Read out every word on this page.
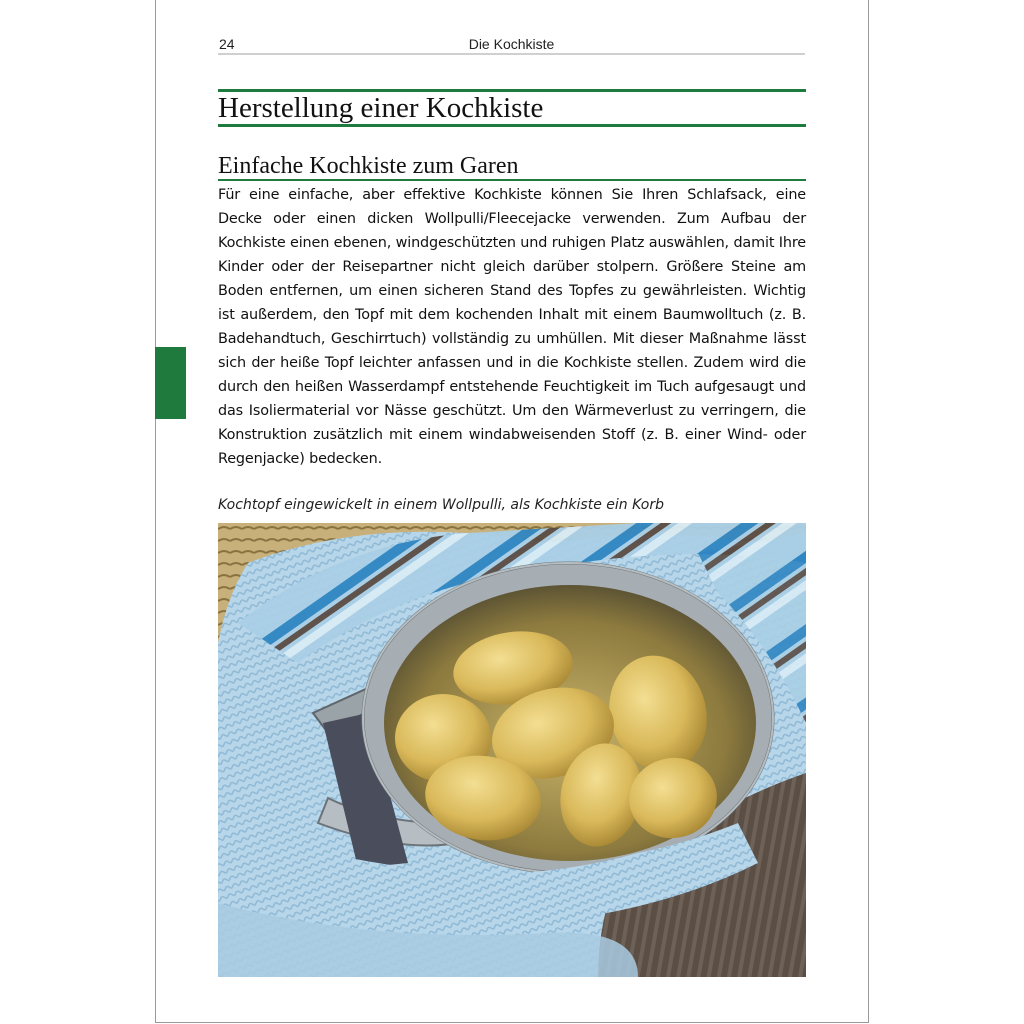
24	Die Kochkiste
Herstellung einer Kochkiste
Einfache Kochkiste zum Garen
Für eine einfache, aber effektive Kochkiste können Sie Ihren Schlafsack, eine Decke oder einen dicken Wollpulli/Fleecejacke verwenden. Zum Aufbau der Kochkiste einen ebenen, windgeschützten und ruhigen Platz auswählen, damit Ihre Kinder oder der Reisepartner nicht gleich darüber stolpern. Größere Steine am Boden entfernen, um einen sicheren Stand des Topfes zu gewährleisten. Wichtig ist außerdem, den Topf mit dem kochenden Inhalt mit einem Baumwolltuch (z. B. Badehandtuch, Geschirrtuch) vollständig zu umhüllen. Mit dieser Maßnahme lässt sich der heiße Topf leichter anfassen und in die Kochkiste stellen. Zudem wird die durch den heißen Wasserdampf entstehende Feuchtigkeit im Tuch aufgesaugt und das Isoliermaterial vor Nässe geschützt. Um den Wärmeverlust zu verringern, die Konstruktion zusätzlich mit einem windabweisenden Stoff (z. B. einer Wind- oder Regenjacke) bedecken.
Kochtopf eingewickelt in einem Wollpulli, als Kochkiste ein Korb
